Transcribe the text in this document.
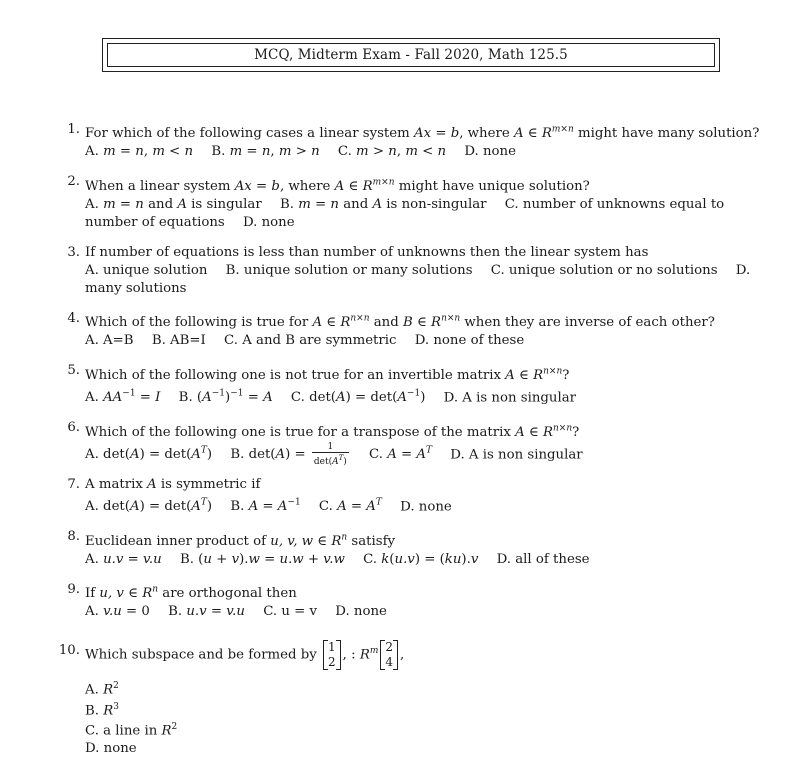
MCQ, Midterm Exam - Fall 2020, Math 125.5
1. For which of the following cases a linear system Ax = b, where A ∈ $R^{m\times n}$ might have many solution?
A. m = n, m < n B. m = n, m > n C. m > n, m < n D. none
2. When a linear system Ax = b, where A ∈ $R^{m\times n}$ might have unique solution?
A. m = n and A is singular B. m = n and A is non-singular C. number of unknowns equal to number of equations D. none
3. If number of equations is less than number of unknowns then the linear system has
A. unique solution B. unique solution or many solutions C. unique solution or no solutions D. many solutions
4. Which of the following is true for A ∈ $R^{n\times n}$ and B ∈ $R^{n\times n}$ when they are inverse of each other?
A. A=B B. AB=I C. A and B are symmetric D. none of these
5. Which of the following one is not true for an invertible matrix A ∈ $R^{n\times n}$?
A. $AA^{-1} = I$ B. $(A^{-1})^{-1} = A$ C. $\det(A) = \det(A^{-1})$ D. A is non singular
6. Which of the following one is true for a transpose of the matrix A ∈ $R^{n\times n}$?
A. $\det(A) = \det(A^T)$ B. $\det(A) = \frac{1}{\det(A^T)} C$. $A = A^T$ D. A is non singular
7. A matrix A is symmetric if
A. $\det(A) = \det(A^T)$ B. $A = A^{-1}$ C. $A = A^T$ D. none
8. Euclidean inner product of u, v, w ∈ $R^n$ satisfy
A. u.v = v.u B. (u + v).w = u.w + v.w C. k(u.v) = (ku).v D. all of these
9. If u, v ∈ $R^n$ are orthogonal then
A. v.u = 0 B. u.v = v.u C. u = v D. none
10. Which subspace and be formed by
1
2 , : $R^m$ 2
4 ,
A. $R^2$
B. $R^3$
C. a line in $R^2$
D. none
